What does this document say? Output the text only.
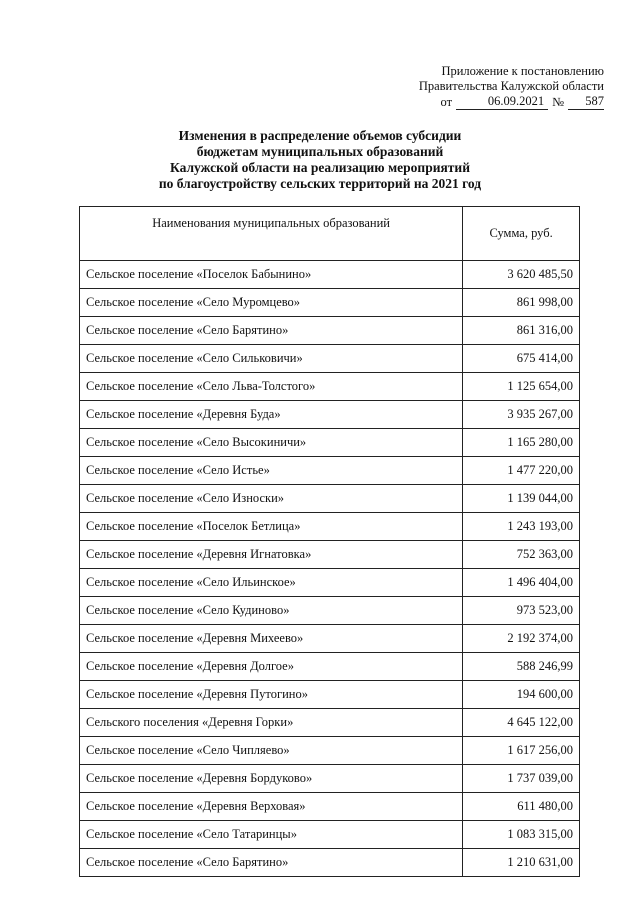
Приложение к постановлению
Правительства Калужской области
от	06.09.2021 №	587
Изменения в распределение объемов субсидии
бюджетам муниципальных образований
Калужской области на реализацию мероприятий
по благоустройству сельских территорий на 2021 год
Наименования муниципальных образований	Сумма, руб.
Сельское поселение «Поселок Бабынино»	3 620 485,50
Сельское поселение «Село Муромцево»	861 998,00
Сельское поселение «Село Барятино»	861 316,00
Сельское поселение «Село Сильковичи»	675 414,00
Сельское поселение «Село Льва-Толстого»	1 125 654,00
Сельское поселение «Деревня Буда»	3 935 267,00
Сельское поселение «Село Высокиничи»	1 165 280,00
Сельское поселение «Село Истье»	1 477 220,00
Сельское поселение «Село Износки»	1 139 044,00
Сельское поселение «Поселок Бетлица»	1 243 193,00
Сельское поселение «Деревня Игнатовка»	752 363,00
Сельское поселение «Село Ильинское»	1 496 404,00
Сельское поселение «Село Кудиново»	973 523,00
Сельское поселение «Деревня Михеево»	2 192 374,00
Сельское поселение «Деревня Долгое»	588 246,99
Сельское поселение «Деревня Путогино»	194 600,00
Сельского поселения «Деревня Горки»	4 645 122,00
Сельское поселение «Село Чипляево»	1 617 256,00
Сельское поселение «Деревня Бордуково»	1 737 039,00
Сельское поселение «Деревня Верховая»	611 480,00
Сельское поселение «Село Татаринцы»	1 083 315,00
Сельское поселение «Село Барятино»	1 210 631,00
